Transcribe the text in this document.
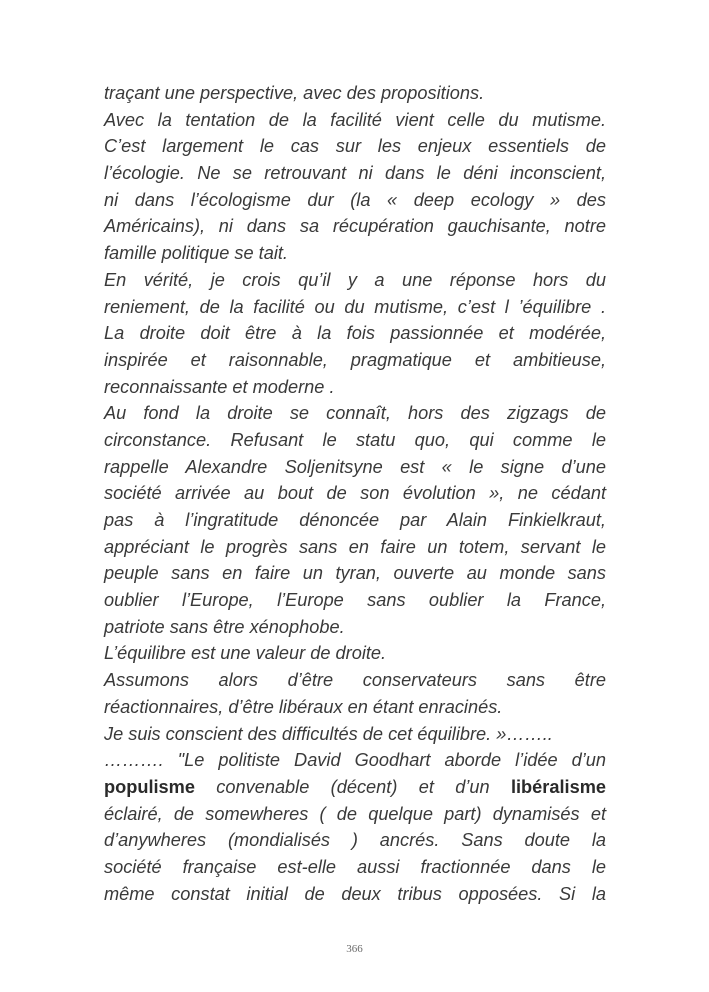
traçant une perspective, avec des propositions.
Avec la tentation de la facilité vient celle du mutisme.
C’est largement le cas sur les enjeux essentiels de
l’écologie. Ne se retrouvant ni dans le déni inconscient,
ni dans l’écologisme dur (la « deep ecology » des
Américains), ni dans sa récupération gauchisante, notre
famille politique se tait.
En vérité, je crois qu’il y a une réponse hors du
reniement, de la facilité ou du mutisme, c’est l ’équilibre .
La droite doit être à la fois passionnée et modérée,
inspirée et raisonnable, pragmatique et ambitieuse,
reconnaissante et moderne .
Au fond la droite se connaît, hors des zigzags de
circonstance. Refusant le statu quo, qui comme le
rappelle Alexandre Soljenitsyne est « le signe d’une
société arrivée au bout de son évolution », ne cédant
pas à l’ingratitude dénoncée par Alain Finkielkraut,
appréciant le progrès sans en faire un totem, servant le
peuple sans en faire un tyran, ouverte au monde sans
oublier l’Europe, l’Europe sans oublier la France,
patriote sans être xénophobe.
L’équilibre est une valeur de droite.
Assumons alors d’être conservateurs sans être
réactionnaires, d’être libéraux en étant enracinés.
Je suis conscient des difficultés de cet équilibre. »……..
………. "Le politiste David Goodhart aborde l’idée d’un
populisme convenable (décent) et d’un libéralisme
éclairé, de somewheres ( de quelque part) dynamisés et
d’anywheres (mondialisés ) ancrés. Sans doute la
société française est-elle aussi fractionnée dans le
même constat initial de deux tribus opposées. Si la
366
